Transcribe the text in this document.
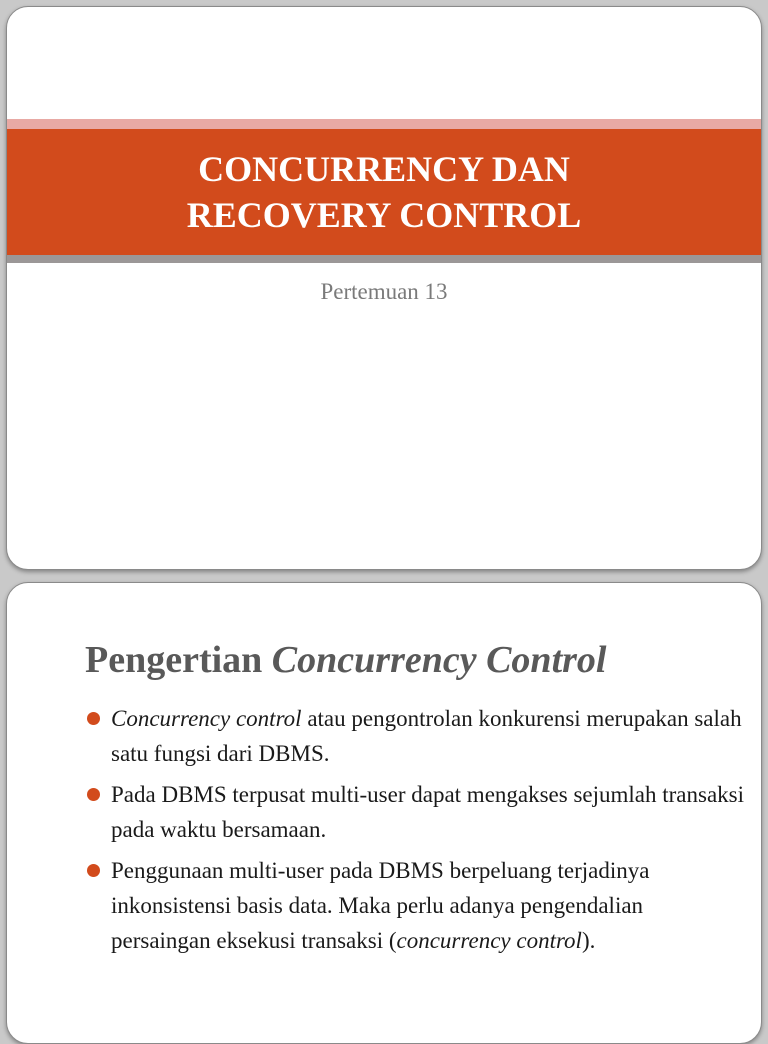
CONCURRENCY DAN
RECOVERY CONTROL
Pertemuan 13
Pengertian Concurrency Control
Concurrency control atau pengontrolan konkurensi merupakan salah satu fungsi dari DBMS.
Pada DBMS terpusat multi-user dapat mengakses sejumlah transaksi pada waktu bersamaan.
Penggunaan multi-user pada DBMS berpeluang terjadinya inkonsistensi basis data. Maka perlu adanya pengendalian persaingan eksekusi transaksi (concurrency control).
